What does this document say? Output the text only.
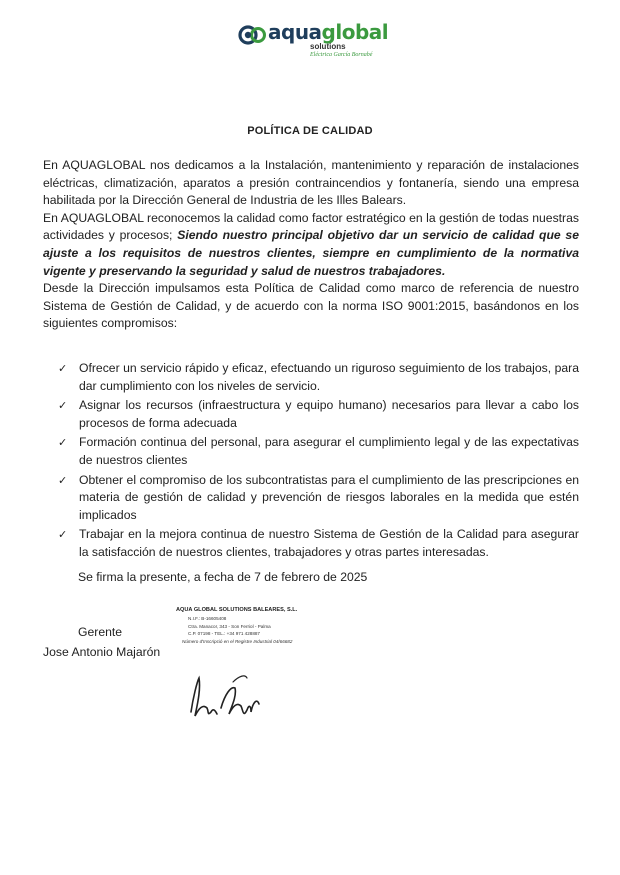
aquaglobal
solutions
Eléctrica García Bornabé
POLÍTICA DE CALIDAD

En AQUAGLOBAL nos dedicamos a la Instalación, mantenimiento y reparación de instalaciones eléctricas, climatización, aparatos a presión contraincendios y fontanería, siendo una empresa habilitada por la Dirección General de Industria de les Illes Balears.

En AQUAGLOBAL reconocemos la calidad como factor estratégico en la gestión de todas nuestras actividades y procesos; Siendo nuestro principal objetivo dar un servicio de calidad que se ajuste a los requisitos de nuestros clientes, siempre en cumplimiento de la normativa vigente y preservando la seguridad y salud de nuestros trabajadores.

Desde la Dirección impulsamos esta Política de Calidad como marco de referencia de nuestro Sistema de Gestión de Calidad, y de acuerdo con la norma ISO 9001:2015, basándonos en los siguientes compromisos:

✓ Ofrecer un servicio rápido y eficaz, efectuando un riguroso seguimiento de los trabajos, para dar cumplimiento con los niveles de servicio.
✓ Asignar los recursos (infraestructura y equipo humano) necesarios para llevar a cabo los procesos de forma adecuada
✓ Formación continua del personal, para asegurar el cumplimiento legal y de las expectativas de nuestros clientes
✓ Obtener el compromiso de los subcontratistas para el cumplimiento de las prescripciones en materia de gestión de calidad y prevención de riesgos laborales en la medida que estén implicados
✓ Trabajar en la mejora continua de nuestro Sistema de Gestión de la Calidad para asegurar la satisfacción de nuestros clientes, trabajadores y otras partes interesadas.
Se firma la presente, a fecha de 7 de febrero de 2025
AQUA GLOBAL SOLUTIONS BALEARES, S.L.
N.I.F.: B-16605408
Ctra. Manacor, 343 - Son Ferriol - Palma
C.P. 07198 - TEL.: +34 971 428887
Número d'Inscripció en el Registre Industrial 04/66682
Gerente
Jose Antonio Majarón
